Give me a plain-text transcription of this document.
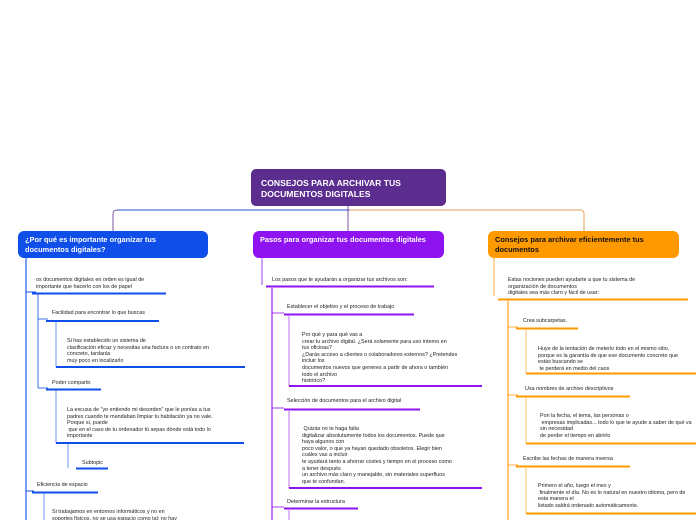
CONSEJOS PARA ARCHIVAR TUS DOCUMENTOS DIGITALES
¿Por qué es importante organizar tus documentos digitales?
Pasos para organizar tus documentos digitales	Consejos para archivar eficientemente tus documentos
os documentos digitales en orden es igual de
importante que hacerlo con los de papel
Facilidad para encontrar lo que buscas
Si has establecido un sistema de
clasificación eficaz y necesitas una factura o un contrato en
concreto, tardarás
muy poco en localizarlo
Poder compartir.
La excusa de "yo entiendo mi desorden" que le ponías a tus
padres cuando te mandaban limpiar tu habitación ya no vale.
Porque si, puede
que en el caso de tu ordenador tú sepas dónde está todo lo
importante
Subtopic
Eficiencia de espacio
Si trabajamos en entornos informáticos y no en
soportes físicos, no se usa espacio como tal: no hay
Los pasos que te ayudarán a organizar tus archivos son:
Establecer el objetivo y el proceso de trabajo
Por qué y para qué vas a
crear tu archivo digital. ¿Será solamente para uso interno en
tus oficinas?
¿Darás acceso a clientes o colaboradores externos? ¿Pretendes
incluir los
documentos nuevos que generes a partir de ahora o también
todo el archivo
histórico?
Selección de documentos para el archivo digital
Quizás no te haga falta
digitalizar absolutamente todos los documentos. Puede que
haya algunos con
poco valor, o que ya hayan quedado obsoletos. Elegir bien
cuáles vas a incluir
te ayudará tanto a ahorrar costes y tiempo en el proceso como
a tener después
un archivo más claro y manejable, sin materiales superfluos
que te confundan.
Determinar la estructura
Estas nociones pueden ayudarte a que tu sistema de
organización de documentos
digitales sea más claro y fácil de usar:
Crea subcarpetas.
Huye de la tentación de meterlo todo en el mismo sitio,
porque es la garantía de que ese documento concreto que
estás buscando se
te perderá en medio del caos
Usa nombres de archivo descriptivos
Pon la fecha, el tema, las personas o
empresas implicadas... todo lo que te ayude a saber de qué va
sin necesidad
de perder el tiempo en abrirlo
Escribe las fechas de manera inversa
Primero el año, luego el mes y
finalmente el día. No es lo natural en nuestro idioma, pero de
esta manera el
listado saldrá ordenado automáticamente.
